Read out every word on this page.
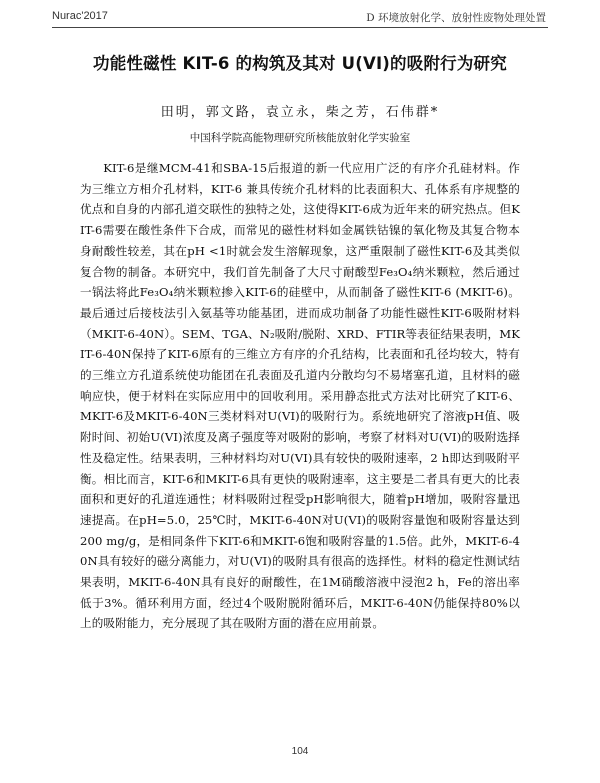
Nurac'2017	D 环境放射化学、放射性废物处理处置
功能性磁性 KIT-6 的构筑及其对 U(VI)的吸附行为研究
田明，郭文路，袁立永，柴之芳，石伟群*
中国科学院高能物理研究所核能放射化学实验室

KIT-6是继MCM-41和SBA-15后报道的新一代应用广泛的有序介孔硅材料。作为三维立方相介孔材料，KIT-6 兼具传统介孔材料的比表面积大、孔体系有序规整的优点和自身的内部孔道交联性的独特之处，这使得KIT-6成为近年来的研究热点。但KIT-6需要在酸性条件下合成，而常见的磁性材料如金属铁钴镍的氧化物及其复合物本身耐酸性较差，其在pH <1时就会发生溶解现象，这严重限制了磁性KIT-6及其类似复合物的制备。本研究中，我们首先制备了大尺寸耐酸型Fe₃O₄纳米颗粒，然后通过一锅法将此Fe₃O₄纳米颗粒掺入KIT-6的硅壁中，从而制备了磁性KIT-6 (MKIT-6)。最后通过后接枝法引入氨基等功能基团，进而成功制备了功能性磁性KIT-6吸附材料（MKIT-6-40N）。SEM、TGA、N₂吸附/脱附、XRD、FTIR等表征结果表明，MKIT-6-40N保持了KIT-6原有的三维立方有序的介孔结构，比表面和孔径均较大，特有的三维立方孔道系统使功能团在孔表面及孔道内分散均匀不易堵塞孔道，且材料的磁响应快，便于材料在实际应用中的回收利用。采用静态批式方法对比研究了KIT-6、MKIT-6及MKIT-6-40N三类材料对U(VI)的吸附行为。系统地研究了溶液pH值、吸附时间、初始U(VI)浓度及离子强度等对吸附的影响，考察了材料对U(VI)的吸附选择性及稳定性。结果表明，三种材料均对U(VI)具有较快的吸附速率，2 h即达到吸附平衡。相比而言，KIT-6和MKIT-6具有更快的吸附速率，这主要是二者具有更大的比表面积和更好的孔道连通性；材料吸附过程受pH影响很大，随着pH增加，吸附容量迅速提高。在pH=5.0，25℃时，MKIT-6-40N对U(VI)的吸附容量饱和吸附容量达到200 mg/g，是相同条件下KIT-6和MKIT-6饱和吸附容量的1.5倍。此外，MKIT-6-40N具有较好的磁分离能力，对U(VI)的吸附具有很高的选择性。材料的稳定性测试结果表明，MKIT-6-40N具有良好的耐酸性，在1M硝酸溶液中浸泡2 h，Fe的溶出率低于3%。循环利用方面，经过4个吸附脱附循环后，MKIT-6-40N仍能保持80%以上的吸附能力，充分展现了其在吸附方面的潜在应用前景。

104
